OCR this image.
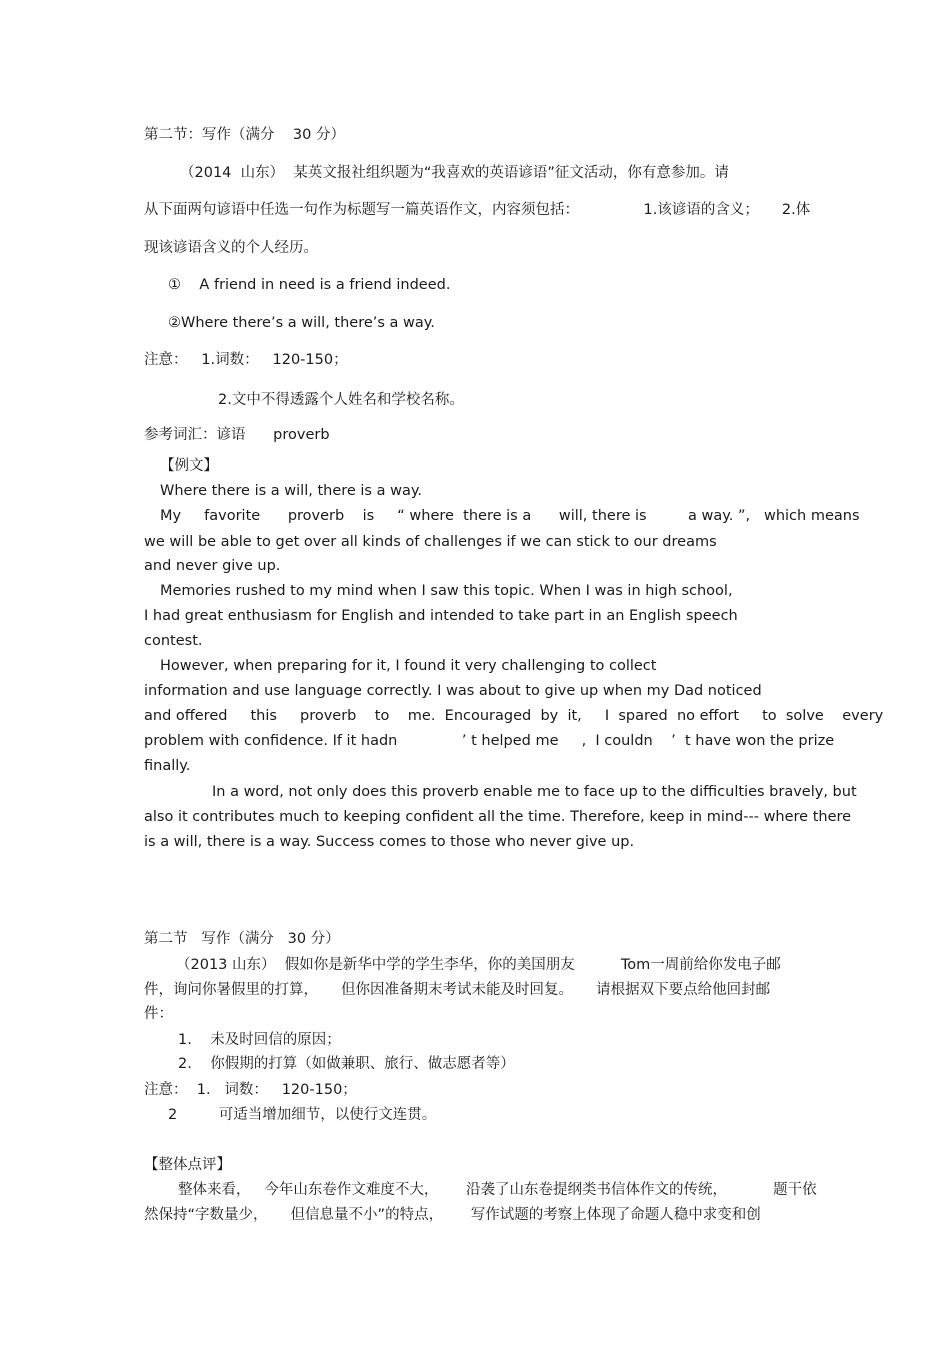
第二节：写作（满分    30 分）
（2014  山东）  某英文报社组织题为“我喜欢的英语谚语”征文活动，你有意参加。请
从下面两句谚语中任选一句作为标题写一篇英语作文，内容须包括：              1.该谚语的含义；     2.体
现该谚语含义的个人经历。
①    A friend in need is a friend indeed.
②Where there’s a will, there’s a way.
注意：   1.词数：   120-150；
2.文中不得透露个人姓名和学校名称。
参考词汇：谚语      proverb
【例文】
Where there is a will, there is a way.
My     favorite      proverb    is     “ where  there is a      will, there is         a way. ”,   which means
we will be able to get over all kinds of challenges if we can stick to our dreams
and never give up.
Memories rushed to my mind when I saw this topic. When I was in high school,
I had great enthusiasm for English and intended to take part in an English speech
contest.
However, when preparing for it, I found it very challenging to collect
information and use language correctly. I was about to give up when my Dad noticed
and offered     this     proverb    to    me.  Encouraged  by  it,     I  spared  no effort     to  solve    every
problem with confidence. If it hadn              ’ t helped me     ,  I couldn    ’  t have won the prize
finally.
In a word, not only does this proverb enable me to face up to the difficulties bravely, but
also it contributes much to keeping confident all the time. Therefore, keep in mind--- where there
is a will, there is a way. Success comes to those who never give up.
第二节   写作（满分   30 分）
（2013 山东）  假如你是新华中学的学生李华，你的美国朋友          Tom一周前给你发电子邮
件，询问你暑假里的打算，     但你因准备期末考试未能及时回复。     请根据双下要点给他回封邮
件：
1.    未及时回信的原因；
2.    你假期的打算（如做兼职、旅行、做志愿者等）
注意：  1.   词数：   120-150；
2         可适当增加细节，以使行文连贯。
【整体点评】
整体来看，   今年山东卷作文难度不大，      沿袭了山东卷提纲类书信体作文的传统，          题干依
然保持“字数量少，     但信息量不小”的特点，      写作试题的考察上体现了命题人稳中求变和创
